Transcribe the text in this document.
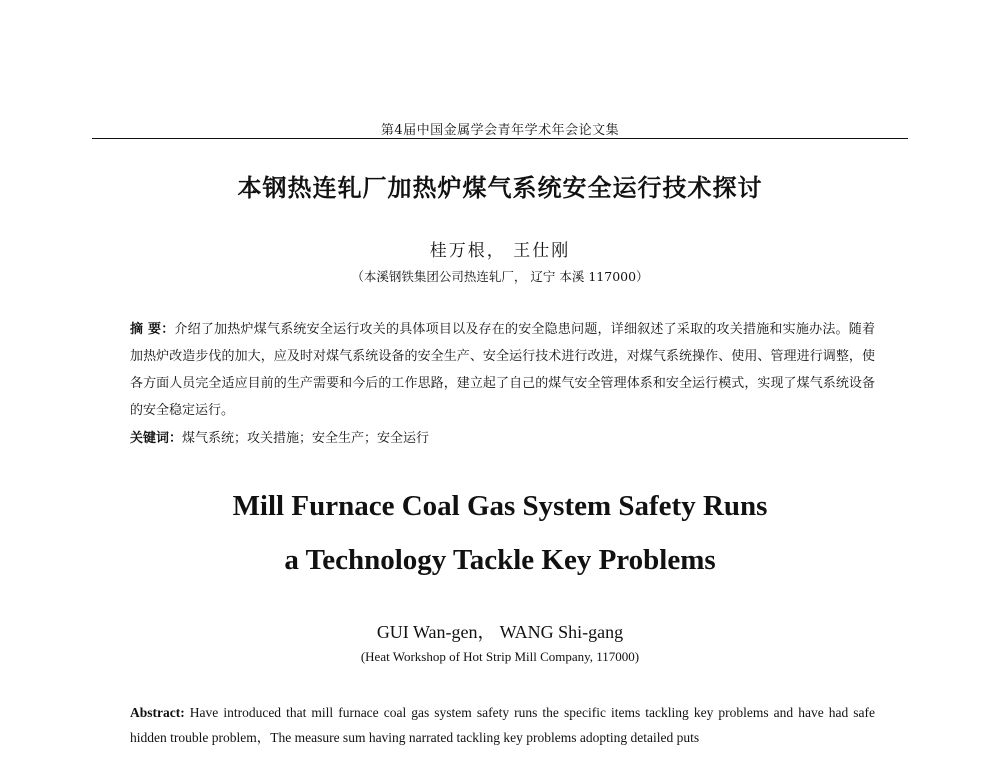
第4届中国金属学会青年学术年会论文集
本钢热连轧厂加热炉煤气系统安全运行技术探讨
桂万根， 王仕刚
（本溪钢铁集团公司热连轧厂， 辽宁 本溪 117000）
摘 要：介绍了加热炉煤气系统安全运行攻关的具体项目以及存在的安全隐患问题，详细叙述了采取的攻关措施和实施办法。随着加热炉改造步伐的加大，应及时对煤气系统设备的安全生产、安全运行技术进行改进，对煤气系统操作、使用、管理进行调整，使各方面人员完全适应目前的生产需要和今后的工作思路，建立起了自己的煤气安全管理体系和安全运行模式，实现了煤气系统设备的安全稳定运行。
关键词：煤气系统；攻关措施；安全生产；安全运行
Mill Furnace Coal Gas System Safety Runs
a Technology Tackle Key Problems
GUI Wan-gen， WANG Shi-gang
(Heat Workshop of Hot Strip Mill Company, 117000)
Abstract: Have introduced that mill furnace coal gas system safety runs the specific items tackling key problems and have had safe hidden trouble problem，The measure sum having narrated tackling key problems adopting detailed puts
